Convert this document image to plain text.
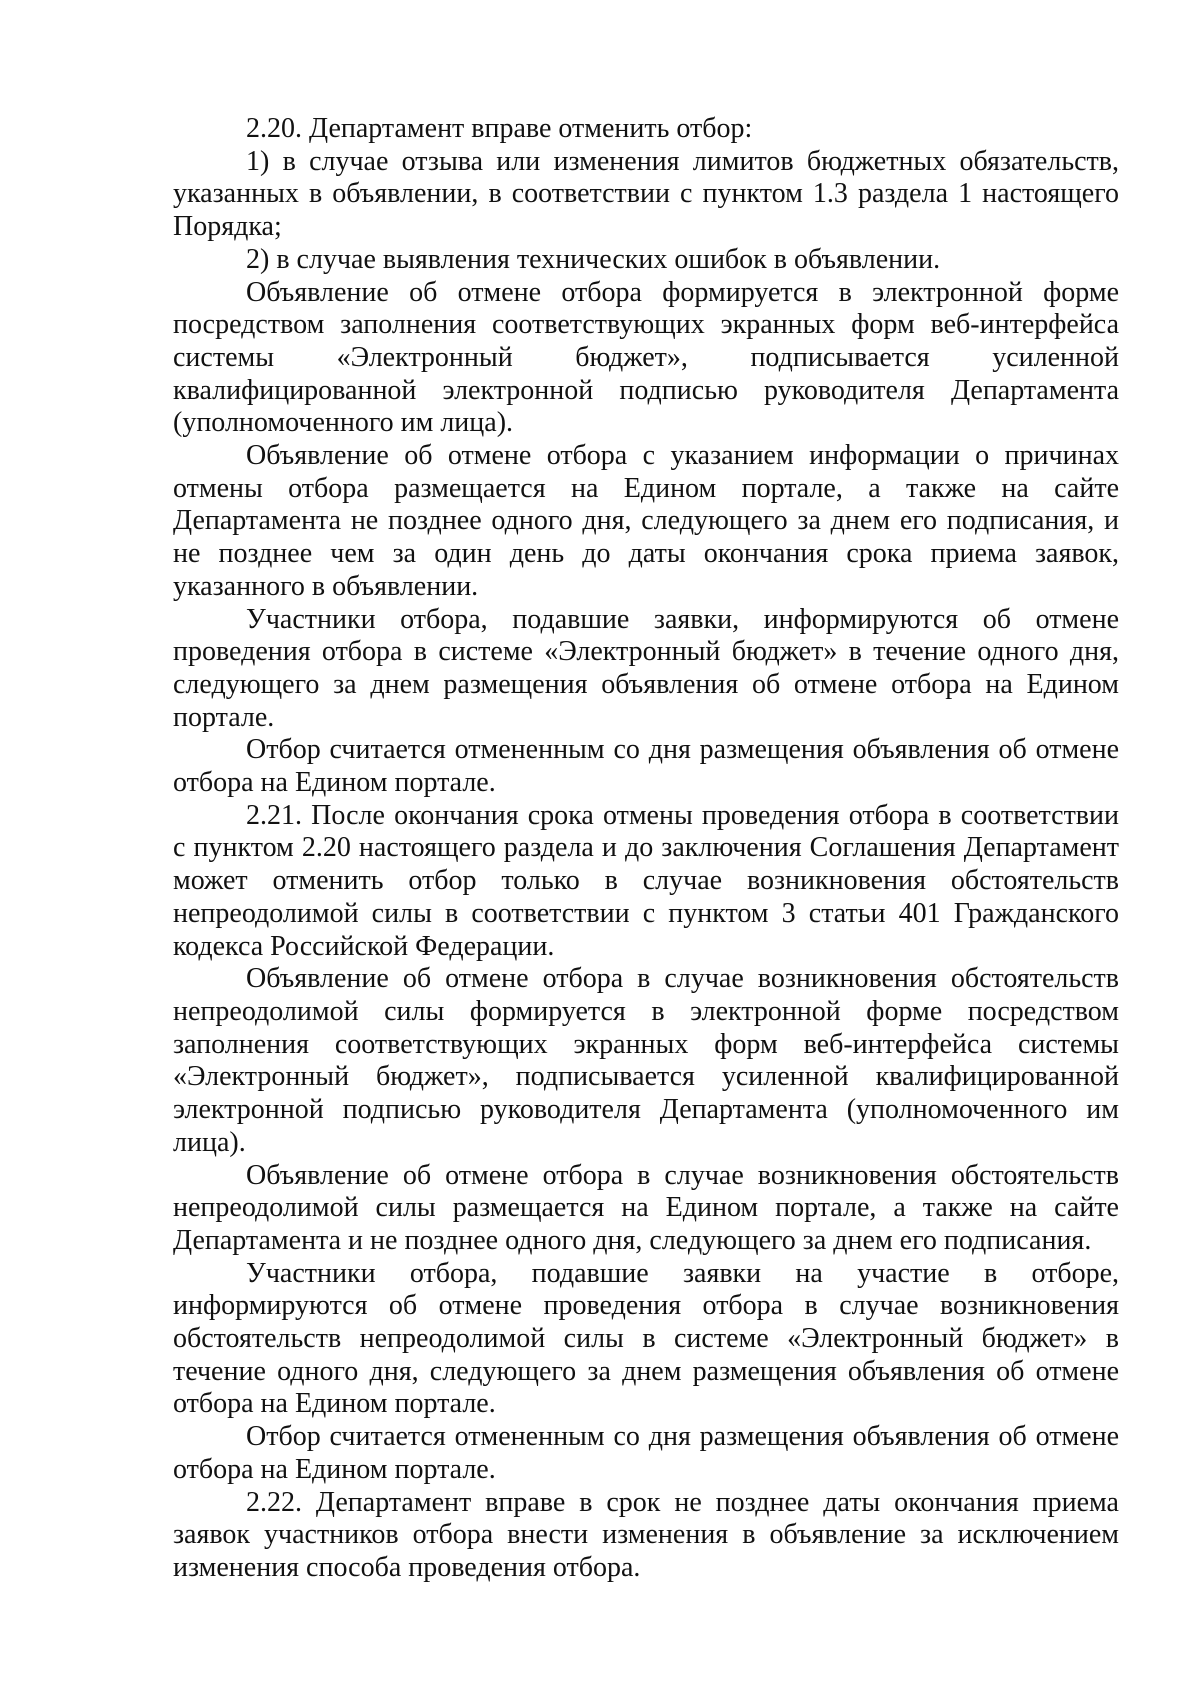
2.20. Департамент вправе отменить отбор:

1) в случае отзыва или изменения лимитов бюджетных обязательств, указанных в объявлении, в соответствии с пунктом 1.3 раздела 1 настоящего Порядка;

2) в случае выявления технических ошибок в объявлении.

Объявление об отмене отбора формируется в электронной форме посредством заполнения соответствующих экранных форм веб-интерфейса системы «Электронный бюджет», подписывается усиленной квалифицированной электронной подписью руководителя Департамента (уполномоченного им лица).

Объявление об отмене отбора с указанием информации о причинах отмены отбора размещается на Едином портале, а также на сайте Департамента не позднее одного дня, следующего за днем его подписания, и не позднее чем за один день до даты окончания срока приема заявок, указанного в объявлении.

Участники отбора, подавшие заявки, информируются об отмене проведения отбора в системе «Электронный бюджет» в течение одного дня, следующего за днем размещения объявления об отмене отбора на Едином портале.

Отбор считается отмененным со дня размещения объявления об отмене отбора на Едином портале.

2.21. После окончания срока отмены проведения отбора в соответствии с пунктом 2.20 настоящего раздела и до заключения Соглашения Департамент может отменить отбор только в случае возникновения обстоятельств непреодолимой силы в соответствии с пунктом 3 статьи 401 Гражданского кодекса Российской Федерации.

Объявление об отмене отбора в случае возникновения обстоятельств непреодолимой силы формируется в электронной форме посредством заполнения соответствующих экранных форм веб-интерфейса системы «Электронный бюджет», подписывается усиленной квалифицированной электронной подписью руководителя Департамента (уполномоченного им лица).

Объявление об отмене отбора в случае возникновения обстоятельств непреодолимой силы размещается на Едином портале, а также на сайте Департамента и не позднее одного дня, следующего за днем его подписания.

Участники отбора, подавшие заявки на участие в отборе, информируются об отмене проведения отбора в случае возникновения обстоятельств непреодолимой силы в системе «Электронный бюджет» в течение одного дня, следующего за днем размещения объявления об отмене отбора на Едином портале.

Отбор считается отмененным со дня размещения объявления об отмене отбора на Едином портале.

2.22. Департамент вправе в срок не позднее даты окончания приема заявок участников отбора внести изменения в объявление за исключением изменения способа проведения отбора.
